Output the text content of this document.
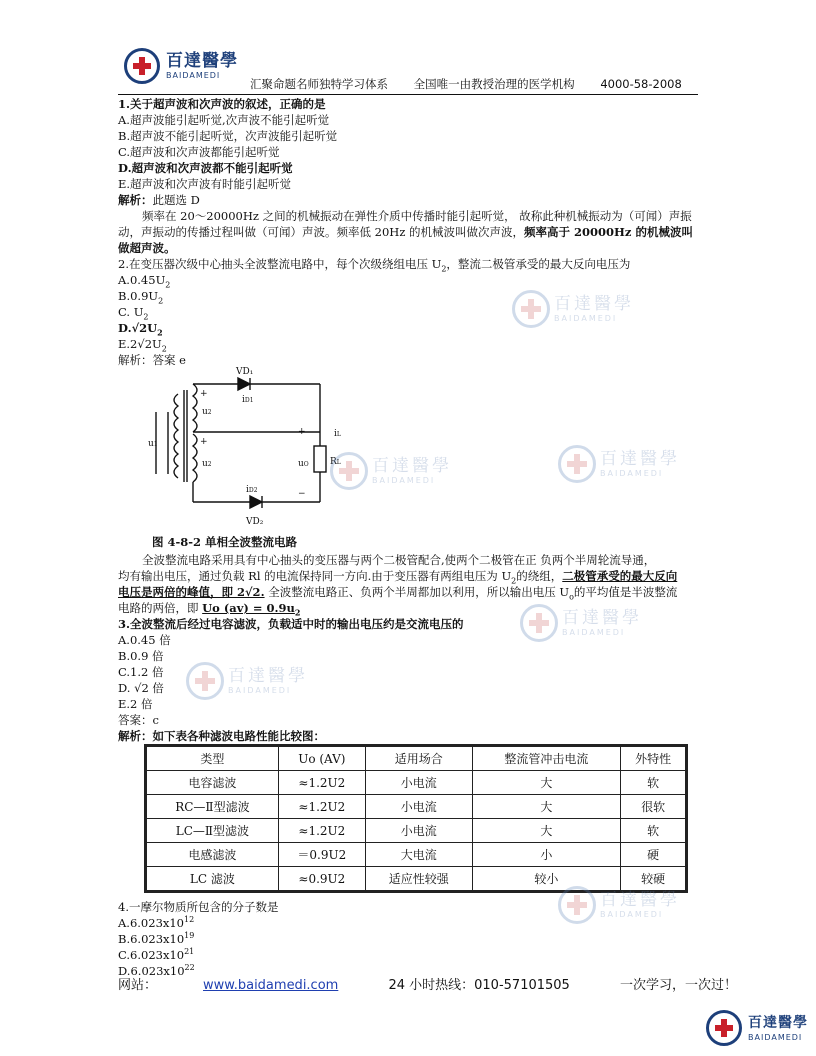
百達醫學
BAIDAMEDI
汇聚命题名师独特学习体系 全国唯一由教授治理的医学机构 4000-58-2008
1.关于超声波和次声波的叙述，正确的是
A.超声波能引起听觉,次声波不能引起听觉
B.超声波不能引起听觉，次声波能引起听觉
C.超声波和次声波都能引起听觉
D.超声波和次声波都不能引起听觉
E.超声波和次声波有时能引起听觉
解析：此题选 D
频率在 20～20000Hz 之间的机械振动在弹性介质中传播时能引起听觉， 故称此种机械振动为（可闻）声振
动，声振动的传播过程叫做（可闻）声波。频率低 20Hz 的机械波叫做次声波，频率高于 20000Hz 的机械波叫
做超声波。
2.在变压器次级中心抽头全波整流电路中，每个次级绕组电压 $U_2$，整流二极管承受的最大反向电压为
$A.0.45U_2$
$B.0.9U_2$
C. $U_2$
$D.√2U_2$
$E.2√2U_2$
解析：答案 e
VD₁
iD1
iD2
VD₂
u2
u2
u1
uO RL
iL
+
−
+
+
图 4-8-2 单相全波整流电路
全波整流电路采用具有中心抽头的变压器与两个二极管配合,使两个二极管在正 负两个半周轮流导通，
均有输出电压，通过负载 Rl 的电流保持同一方向.由于变压器有两组电压为 $U_2$的绕组，二极管承受的最大反向
电压是两倍的峰值，即 2√2. 全波整流电路正、负两个半周都加以利用，所以输出电压 $U_o$的平均值是半波整流
电路的两倍，即 Uo $(av) = 0.9u_2$
3.全波整流后经过电容滤波，负载适中时的输出电压约是交流电压的
A.0.45 倍
B.0.9 倍
C.1.2 倍
D. √2 倍
E.2 倍
答案：c
解析：如下表各种滤波电路性能比较图：
类型	Uo (AV)	适用场合	整流管冲击电流	外特性
电容滤波	≈1.2U2	小电流	大	软
RC—Ⅱ型滤波	≈1.2U2	小电流	大	很软
LC—Ⅱ型滤波	≈1.2U2	小电流	大	软
电感滤波	＝0.9U2	大电流	小	硬
LC 滤波	≈0.9U2	适应性较强	较小	较硬
4.一摩尔物质所包含的分子数是
$A.6.023x10^{12}$
$B.6.023x10^{19}$
$C.6.023x10^{21}$
$D.6.023x10^{22}$
百達醫學
BAIDAMEDI
百達醫學
BAIDAMEDI
百達醫學
BAIDAMEDI
百達醫學
BAIDAMEDI
百達醫學
BAIDAMEDI
百達醫學
BAIDAMEDI
网站：	www.baidamedi.com	24 小时热线：010-57101505	一次学习，一次过！
百達醫學
BAIDAMEDI
